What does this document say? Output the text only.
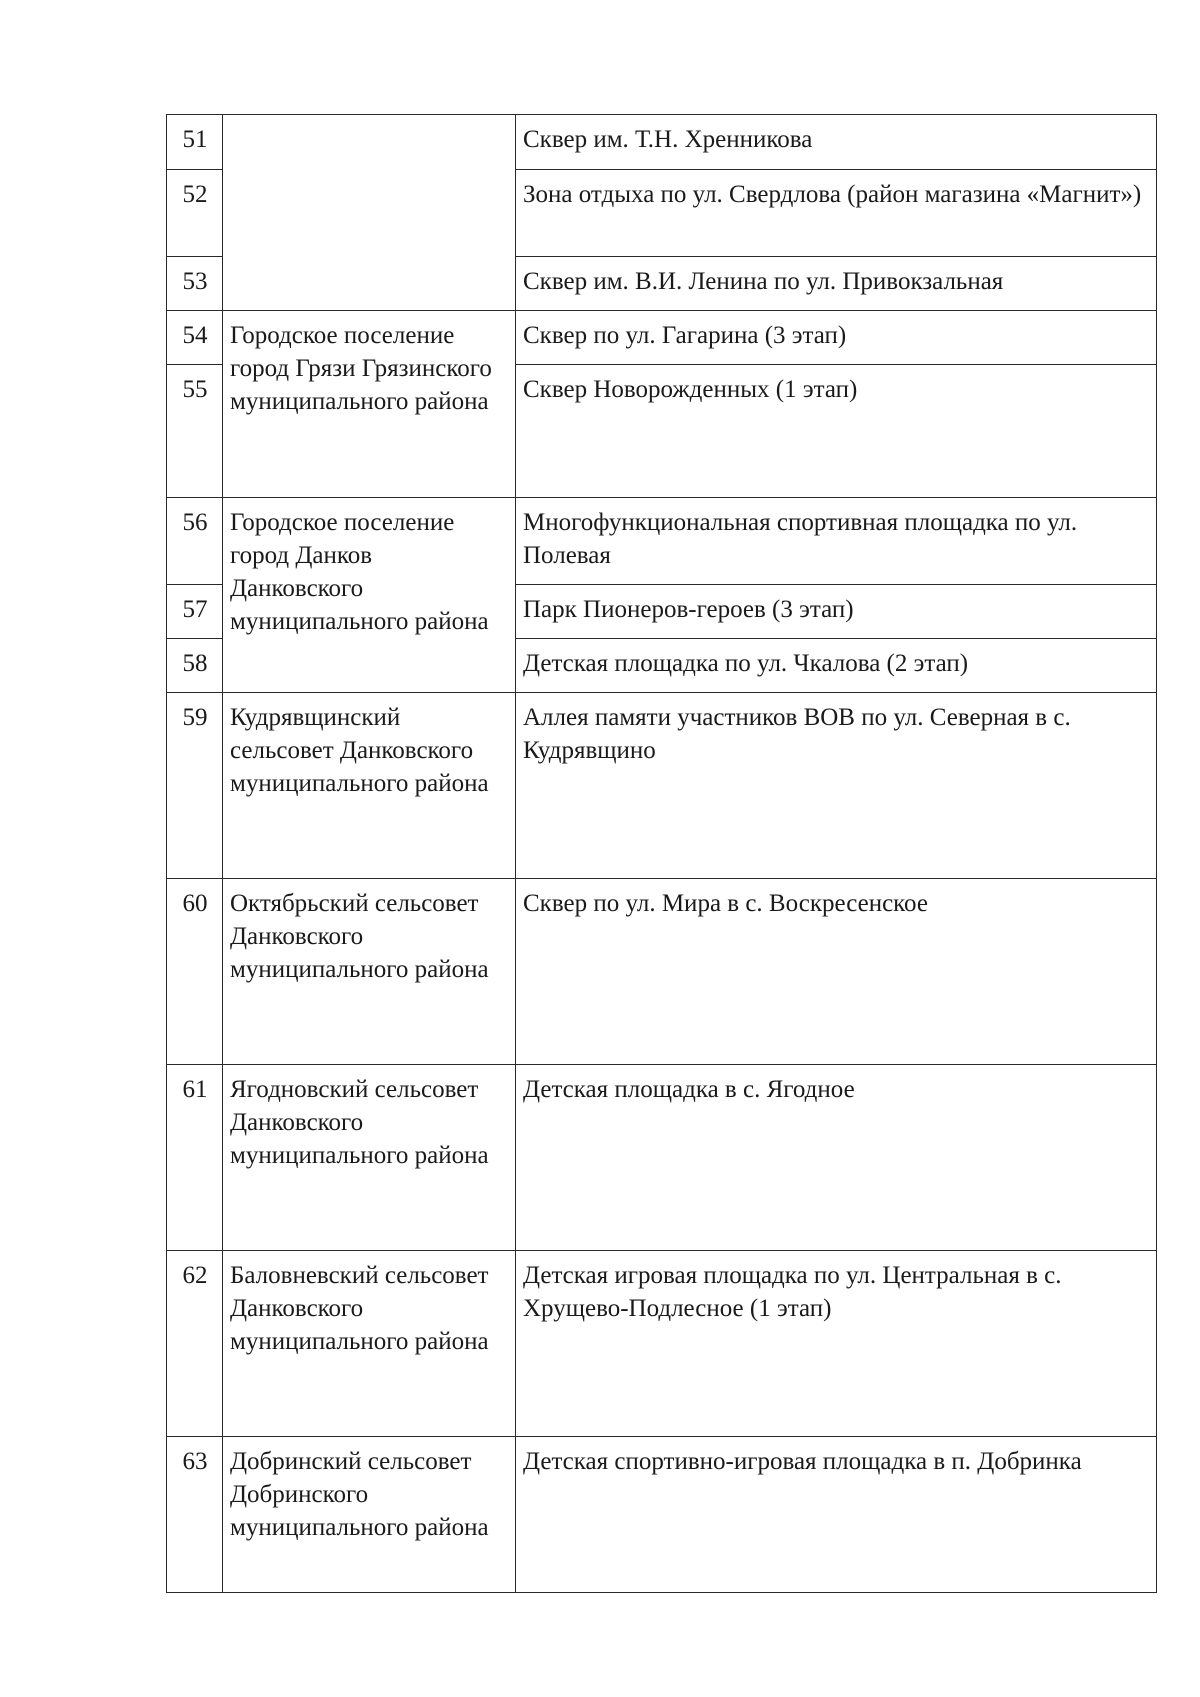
51		Сквер им. Т.Н. Хренникова
52		Зона отдыха по ул. Свердлова (район магазина «Магнит»)
53		Сквер им. В.И. Ленина по ул. Привокзальная
54	Городское поселение город Грязи Грязинского муниципального района	Сквер по ул. Гагарина (3 этап)
55		Сквер Новорожденных (1 этап)
56	Городское поселение город Данков Данковского муниципального района	Многофункциональная спортивная площадка по ул. Полевая
57		Парк Пионеров-героев (3 этап)
58		Детская площадка по ул. Чкалова (2 этап)
59	Кудрявщинский сельсовет Данковского муниципального района	Аллея памяти участников ВОВ по ул. Северная в с. Кудрявщино
60	Октябрьский сельсовет Данковского муниципального района	Сквер по ул. Мира в с. Воскресенское
61	Ягодновский сельсовет Данковского муниципального района	Детская площадка в с. Ягодное
62	Баловневский сельсовет Данковского муниципального района	Детская игровая площадка по ул. Центральная в с. Хрущево-Подлесное (1 этап)
63	Добринский сельсовет Добринского муниципального района	Детская спортивно-игровая площадка в п. Добринка
